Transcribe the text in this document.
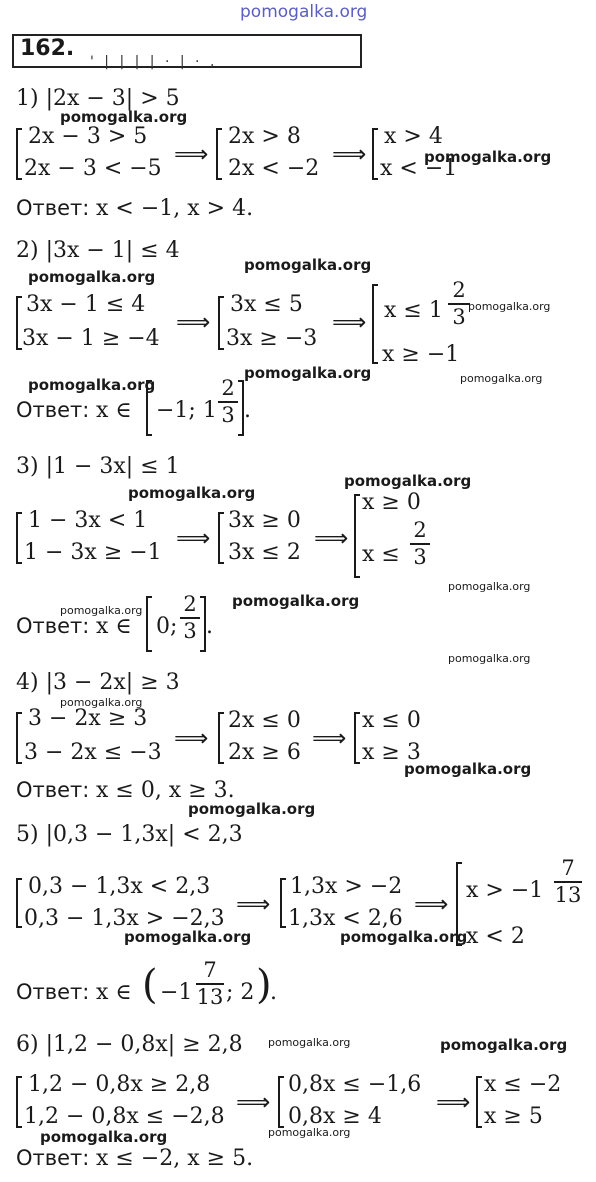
pomogalka.org
162.
' | | | | · | · ,
1) |2x − 3| > 5
pomogalka.org
2x − 3 > 5
2x − 3 < −5
⟹
2x > 8
2x < −2
⟹
x > 4
x < −1
pomogalka.org
Ответ: x < −1, x > 4.
2) |3x − 1| ≤ 4
pomogalka.org
pomogalka.org
3x − 1 ≤ 4
3x − 1 ≥ −4
⟹
3x ≤ 5
3x ≥ −3
⟹ x ≤ 1
2
3 pomogalka.org
x ≥ −1
pomogalka.org
pomogalka.org	pomogalka.org
Ответ: x ∈ −1; 1
2
3 .
3) |1 − 3x| ≤ 1
pomogalka.org
pomogalka.org
1 − 3x < 1
1 − 3x ≥ −1
⟹
3x ≥ 0
3x ≤ 2
⟹
x ≥ 0
x ≤
2
3
pomogalka.org
pomogalka.org
pomogalka.org
Ответ: x ∈ 0;
2
3 .
pomogalka.org
4) |3 − 2x| ≥ 3
pomogalka.org
3 − 2x ≥ 3
3 − 2x ≤ −3
⟹
2x ≤ 0
2x ≥ 6
⟹
x ≤ 0
x ≥ 3
pomogalka.org
Ответ: x ≤ 0, x ≥ 3.
pomogalka.org
5) |0,3 − 1,3x| < 2,3
0,3 − 1,3x < 2,3
0,3 − 1,3x > −2,3
⟹
1,3x > −2
1,3x < 2,6
⟹ x > −1
7
13
x < 2
pomogalka.org	pomogalka.org
Ответ: x ∈ ( −1
7
13 ; 2 )
.
6) |1,2 − 0,8x| ≥ 2,8 pomogalka.org	pomogalka.org
1,2 − 0,8x ≥ 2,8
1,2 − 0,8x ≤ −2,8
⟹
0,8x ≤ −1,6
0,8x ≥ 4
⟹
x ≤ −2
x ≥ 5
pomogalka.org
pomogalka.org
Ответ: x ≤ −2, x ≥ 5.
